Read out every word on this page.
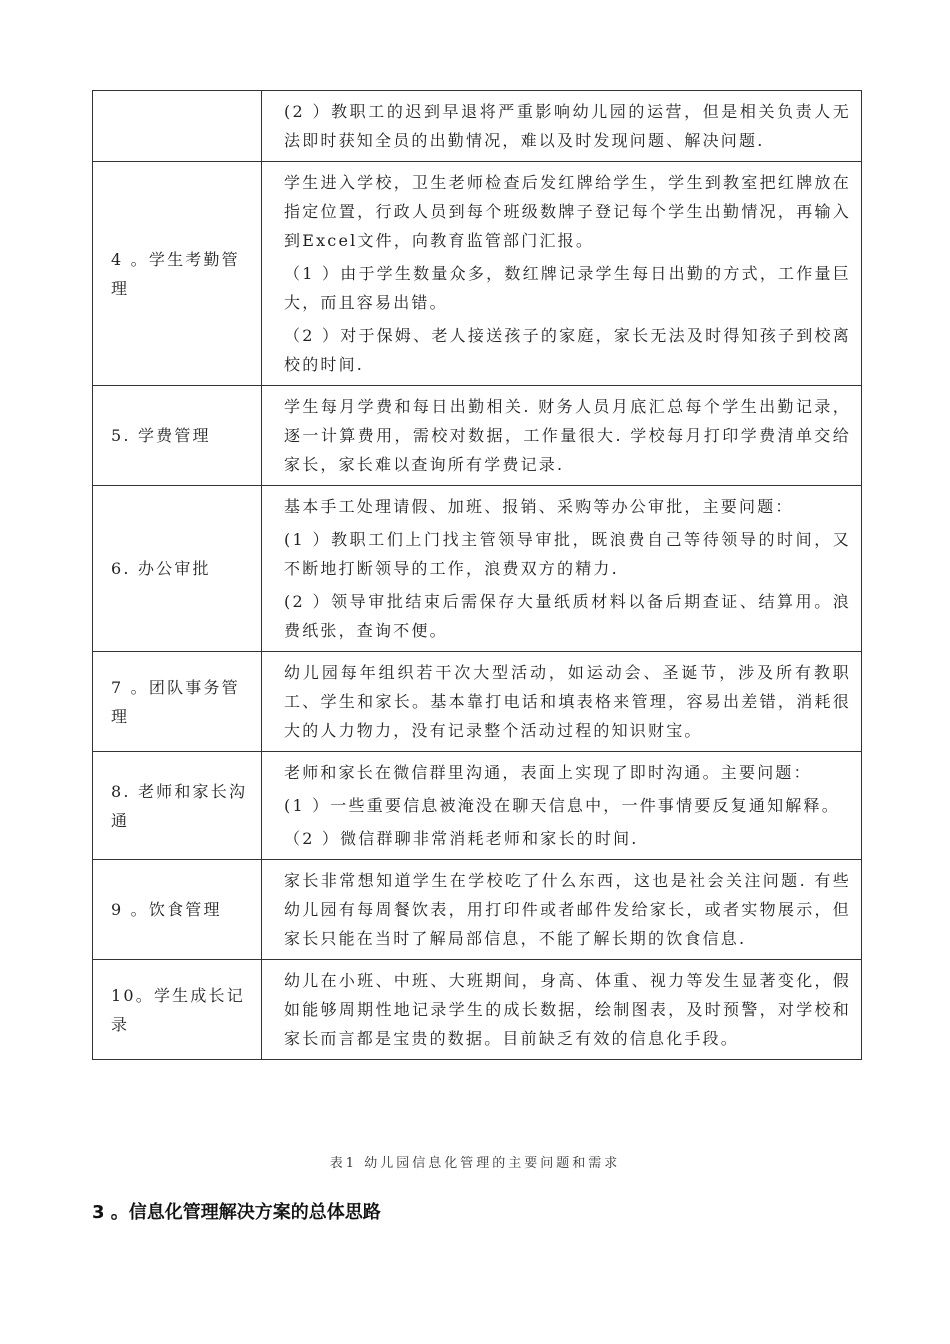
	(2 ）教职工的迟到早退将严重影响幼儿园的运营，但是相关负责人无法即时获知全员的出勤情况，难以及时发现问题、解决问题.

4 。学生考勤管理	学生进入学校，卫生老师检查后发红牌给学生，学生到教室把红牌放在指定位置，行政人员到每个班级数牌子登记每个学生出勤情况，再输入到Excel文件，向教育监管部门汇报。

（1 ）由于学生数量众多，数红牌记录学生每日出勤的方式，工作量巨大，而且容易出错。

（2 ）对于保姆、老人接送孩子的家庭，家长无法及时得知孩子到校离校的时间.

5. 学费管理	学生每月学费和每日出勤相关. 财务人员月底汇总每个学生出勤记录，逐一计算费用，需校对数据，工作量很大. 学校每月打印学费清单交给家长，家长难以查询所有学费记录.

6. 办公审批	基本手工处理请假、加班、报销、采购等办公审批，主要问题：

(1 ）教职工们上门找主管领导审批，既浪费自己等待领导的时间，又不断地打断领导的工作，浪费双方的精力.

(2 ）领导审批结束后需保存大量纸质材料以备后期查证、结算用。浪费纸张，查询不便。

7 。团队事务管理	幼儿园每年组织若干次大型活动，如运动会、圣诞节，涉及所有教职工、学生和家长。基本靠打电话和填表格来管理，容易出差错，消耗很大的人力物力，没有记录整个活动过程的知识财宝。

8. 老师和家长沟通	老师和家长在微信群里沟通，表面上实现了即时沟通。主要问题：

(1 ）一些重要信息被淹没在聊天信息中，一件事情要反复通知解释。

（2 ）微信群聊非常消耗老师和家长的时间.

9 。饮食管理	家长非常想知道学生在学校吃了什么东西，这也是社会关注问题. 有些幼儿园有每周餐饮表，用打印件或者邮件发给家长，或者实物展示，但家长只能在当时了解局部信息，不能了解长期的饮食信息.

10。学生成长记录	幼儿在小班、中班、大班期间，身高、体重、视力等发生显著变化，假如能够周期性地记录学生的成长数据，绘制图表，及时预警，对学校和家长而言都是宝贵的数据。目前缺乏有效的信息化手段。

表1 幼儿园信息化管理的主要问题和需求
3 。信息化管理解决方案的总体思路
